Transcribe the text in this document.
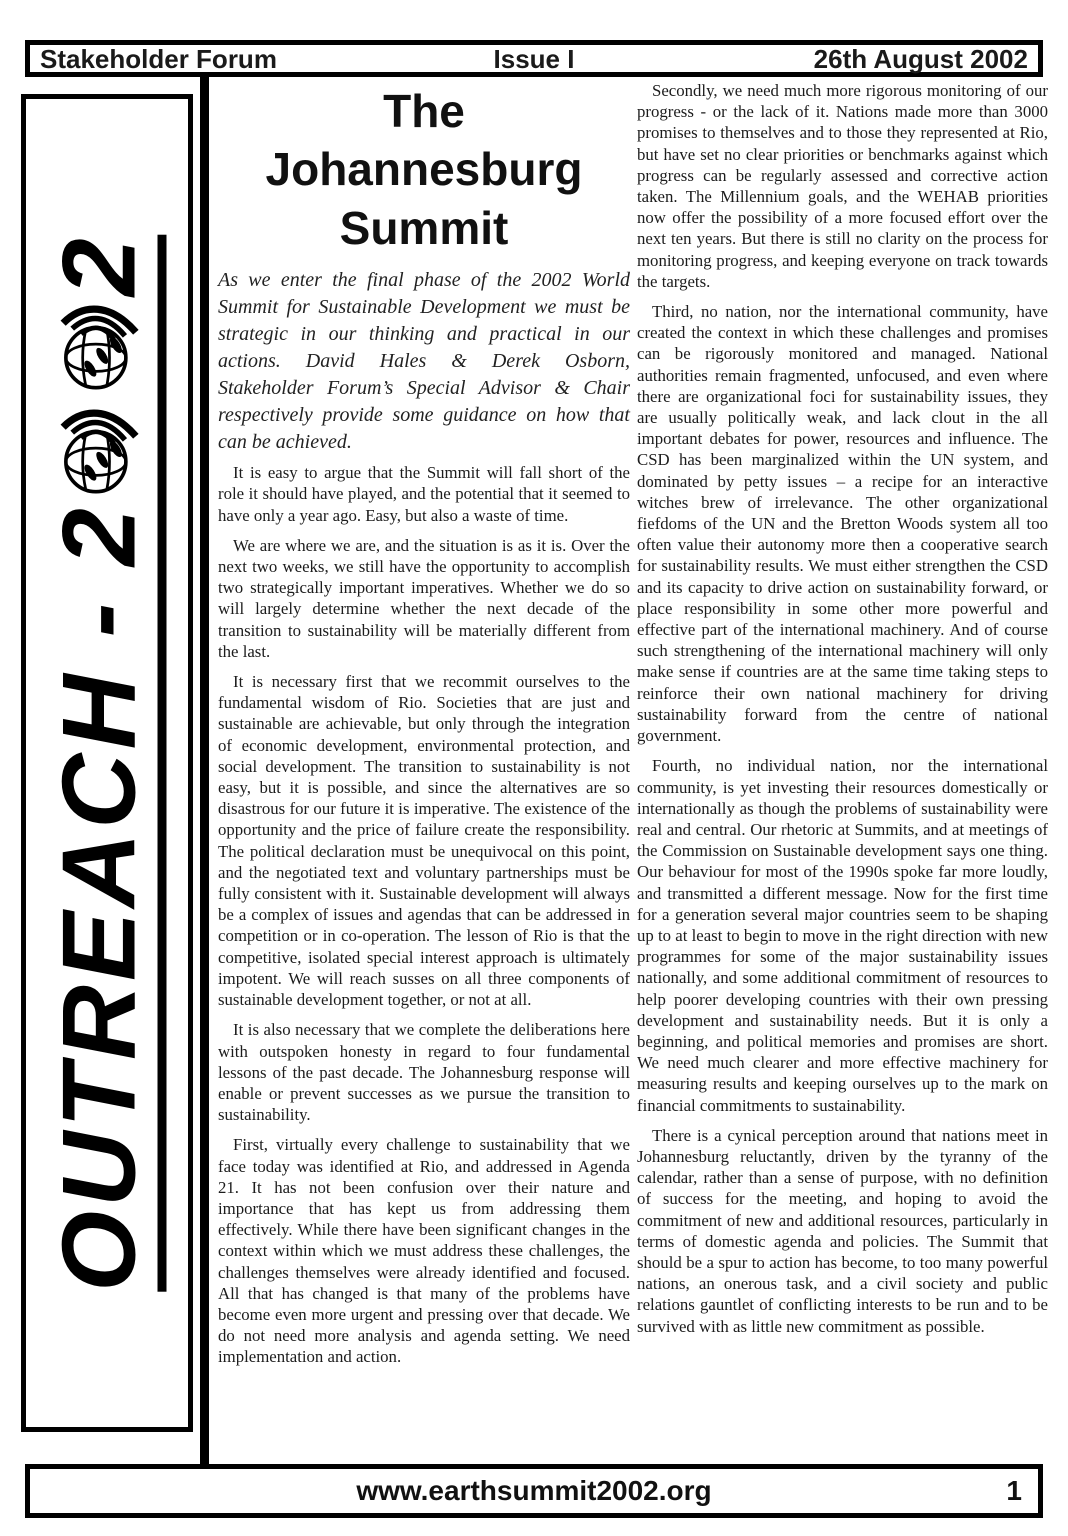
Stakeholder Forum	Issue I	26th August 2002
OUTREACH - 2
2
The Johannesburg Summit

As we enter the final phase of the 2002 World Summit for Sustainable Development we must be strategic in our thinking and practical in our actions. David Hales & Derek Osborn, Stakeholder Forum’s Special Advisor & Chair respectively provide some guidance on how that can be achieved.

It is easy to argue that the Summit will fall short of the role it should have played, and the potential that it seemed to have only a year ago. Easy, but also a waste of time.

We are where we are, and the situation is as it is. Over the next two weeks, we still have the opportunity to accomplish two strategically important imperatives. Whether we do so will largely determine whether the next decade of the transition to sustainability will be materially different from the last.

It is necessary first that we recommit ourselves to the fundamental wisdom of Rio. Societies that are just and sustainable are achievable, but only through the integration of economic development, environmental protection, and social development. The transition to sustainability is not easy, but it is possible, and since the alternatives are so disastrous for our future it is imperative. The existence of the opportunity and the price of failure create the responsibility. The political declaration must be unequivocal on this point, and the negotiated text and voluntary partnerships must be fully consistent with it. Sustainable development will always be a complex of issues and agendas that can be addressed in competition or in co-operation. The lesson of Rio is that the competitive, isolated special interest approach is ultimately impotent. We will reach susses on all three components of sustainable development together, or not at all.

It is also necessary that we complete the deliberations here with outspoken honesty in regard to four fundamental lessons of the past decade. The Johannesburg response will enable or prevent successes as we pursue the transition to sustainability.

First, virtually every challenge to sustainability that we face today was identified at Rio, and addressed in Agenda 21. It has not been confusion over their nature and importance that has kept us from addressing them effectively. While there have been significant changes in the context within which we must address these challenges, the challenges themselves were already identified and focused. All that has changed is that many of the problems have become even more urgent and pressing over that decade. We do not need more analysis and agenda setting. We need implementation and action.

Secondly, we need much more rigorous monitoring of our progress - or the lack of it. Nations made more than 3000 promises to themselves and to those they represented at Rio, but have set no clear priorities or benchmarks against which progress can be regularly assessed and corrective action taken. The Millennium goals, and the WEHAB priorities now offer the possibility of a more focused effort over the next ten years. But there is still no clarity on the process for monitoring progress, and keeping everyone on track towards the targets.

Third, no nation, nor the international community, have created the context in which these challenges and promises can be rigorously monitored and managed. National authorities remain fragmented, unfocused, and even where there are organizational foci for sustainability issues, they are usually politically weak, and lack clout in the all important debates for power, resources and influence. The CSD has been marginalized within the UN system, and dominated by petty issues – a recipe for an interactive witches brew of irrelevance. The other organizational fiefdoms of the UN and the Bretton Woods system all too often value their autonomy more then a cooperative search for sustainability results. We must either strengthen the CSD and its capacity to drive action on sustainability forward, or place responsibility in some other more powerful and effective part of the international machinery. And of course such strengthening of the international machinery will only make sense if countries are at the same time taking steps to reinforce their own national machinery for driving sustainability forward from the centre of national government.

Fourth, no individual nation, nor the international community, is yet investing their resources domestically or internationally as though the problems of sustainability were real and central. Our rhetoric at Summits, and at meetings of the Commission on Sustainable development says one thing. Our behaviour for most of the 1990s spoke far more loudly, and transmitted a different message. Now for the first time for a generation several major countries seem to be shaping up to at least to begin to move in the right direction with new programmes for some of the major sustainability issues nationally, and some additional commitment of resources to help poorer developing countries with their own pressing development and sustainability needs. But it is only a beginning, and political memories and promises are short. We need much clearer and more effective machinery for measuring results and keeping ourselves up to the mark on financial commitments to sustainability.

There is a cynical perception around that nations meet in Johannesburg reluctantly, driven by the tyranny of the calendar, rather than a sense of purpose, with no definition of success for the meeting, and hoping to avoid the commitment of new and additional resources, particularly in terms of domestic agenda and policies. The Summit that should be a spur to action has become, to too many powerful nations, an onerous task, and a civil society and public relations gauntlet of conflicting interests to be run and to be survived with as little new commitment as possible.

www.earthsummit2002.org	1
